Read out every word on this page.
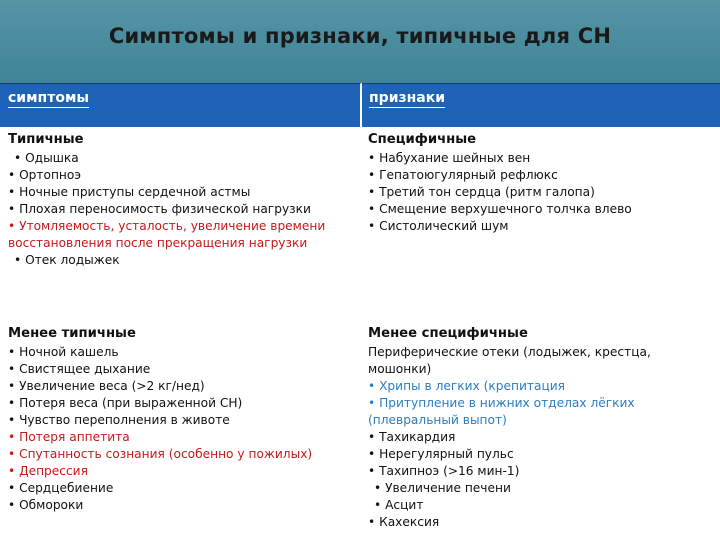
Симптомы и признаки, типичные для СН
симптомы	признаки
Типичные
• Одышка
• Ортопноэ
• Ночные приступы сердечной астмы
• Плохая переносимость физической нагрузки
• Утомляемость, усталость, увеличение времени
восстановления после прекращения нагрузки
• Отек лодыжек
Менее типичные
• Ночной кашель
• Свистящее дыхание
• Увеличение веса (>2 кг/нед)
• Потеря веса (при выраженной СН)
• Чувство переполнения в животе
• Потеря аппетита
• Спутанность сознания (особенно у пожилых)
• Депрессия
• Сердцебиение
• Обмороки
Специфичные
• Набухание шейных вен
• Гепатоюгулярный рефлюкс
• Третий тон сердца (ритм галопа)
• Смещение верхушечного толчка влево
• Систолический шум
Менее специфичные
Периферические отеки (лодыжек, крестца,
мошонки)
• Хрипы в легких (крепитация
• Притупление в нижних отделах лёгких
(плевральный выпот)
• Тахикардия
• Нерегулярный пульс
• Тахипноэ (>16 мин-1)
• Увеличение печени
• Асцит
• Кахексия
